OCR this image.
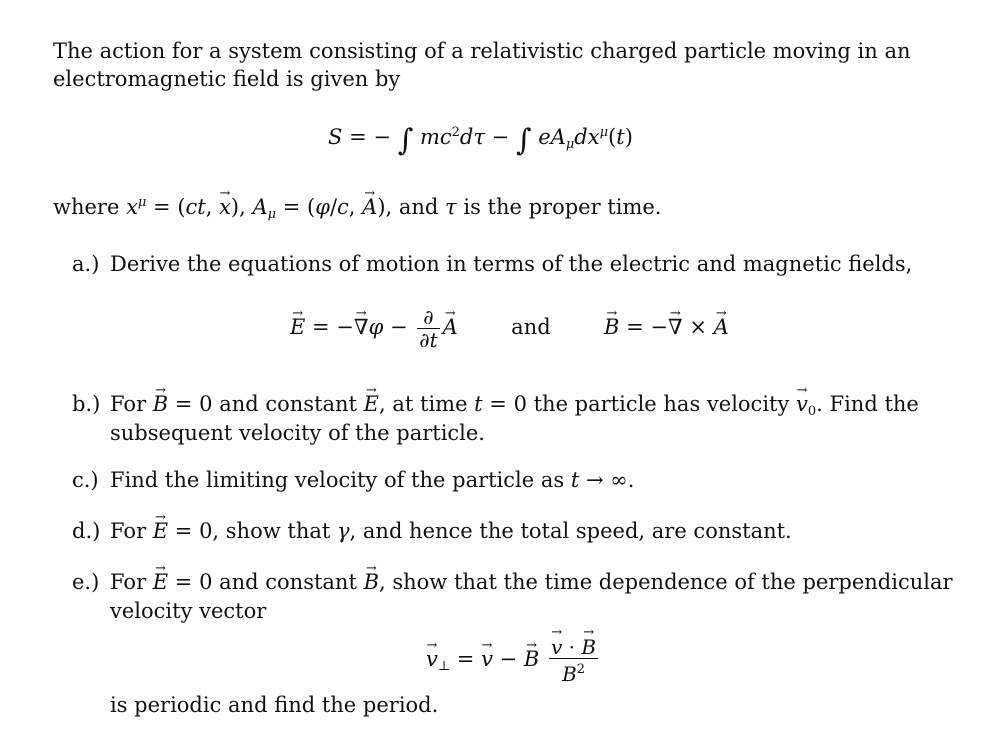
The action for a system consisting of a relativistic charged particle moving in an
electromagnetic field is given by
S = − ∫ $mc^2d\tau$ − ∫ $eA_\mu dx^\mu(t)$
where $x^\mu = (ct$, x →), $A_\mu = (\varphi/c$, A →), and τ is the proper time.
a.) Derive the equations of motion in terms of the electric and magnetic fields,
E → = −∇ $\to\varphi - \frac{\partial}{\partial t}$ A →	and	B → = −∇ → × A →
b.) For B → = 0 and constant E →, at time t = 0 the particle has velocity $v \to_0$. Find the
subsequent velocity of the particle.
c.) Find the limiting velocity of the particle as t → ∞.
d.) For E → = 0, show that γ, and hence the total speed, are constant.
e.) For E → = 0 and constant B →, show that the time dependence of the perpendicular
velocity vector
$v \to_\perp = v$ → − $B \to \frac{v \to \cdot B \to}{B^2}$
is periodic and find the period.
